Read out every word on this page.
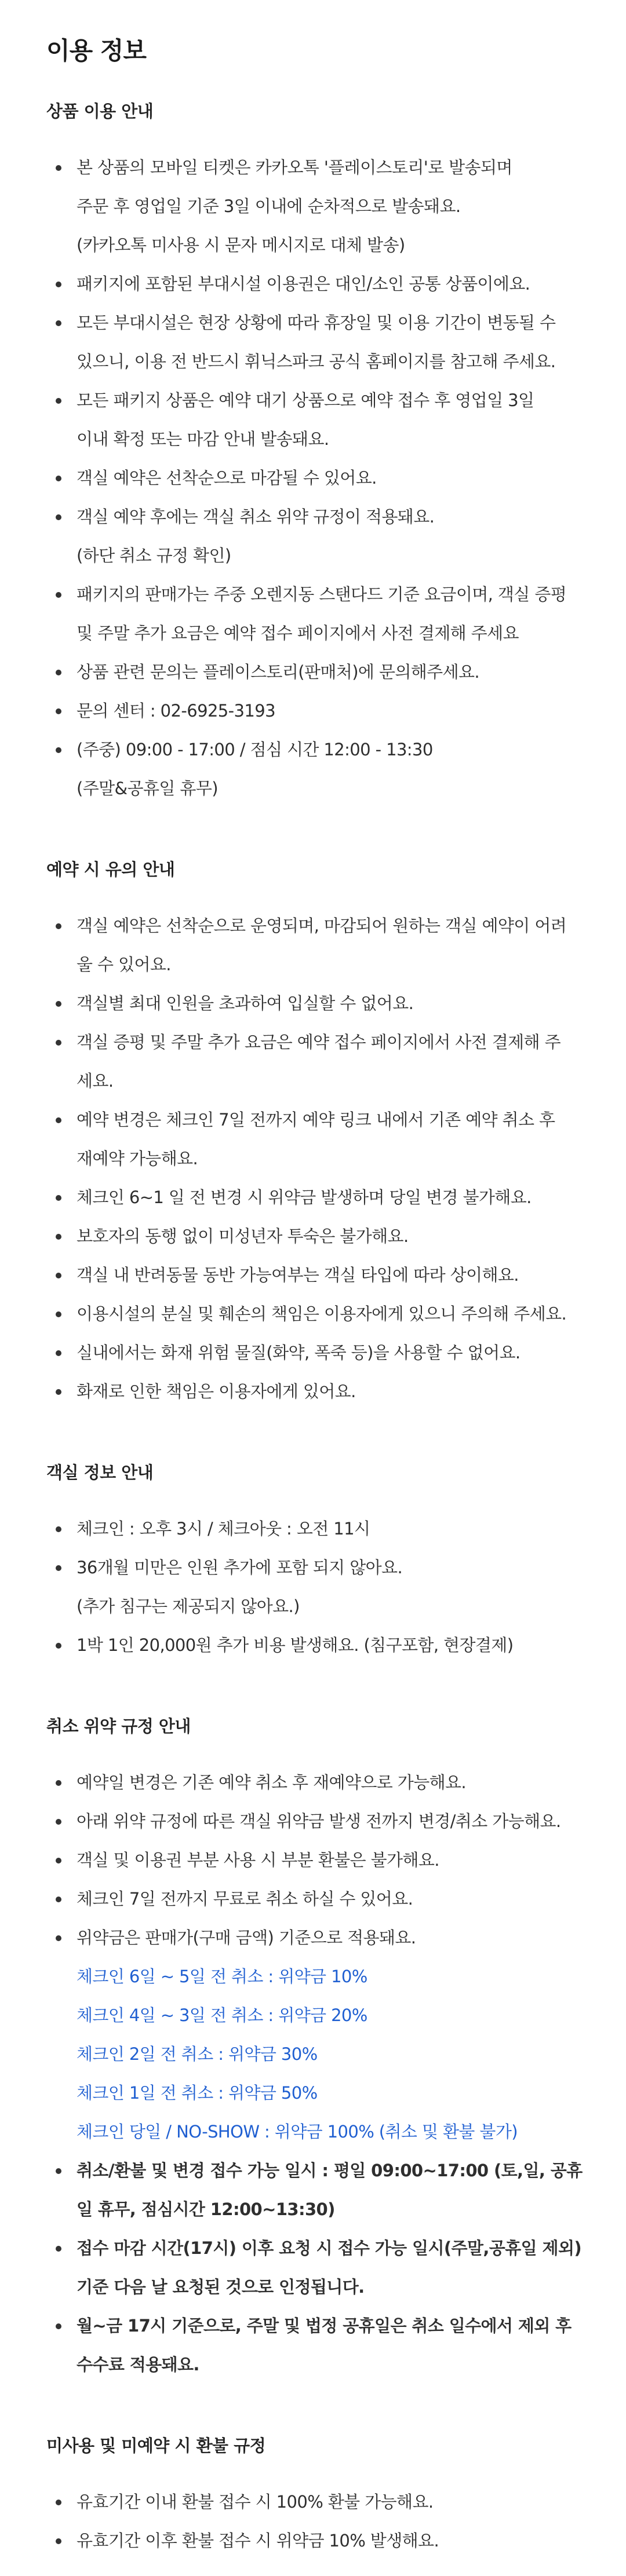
이용 정보
상품 이용 안내
본 상품의 모바일 티켓은 카카오톡 '플레이스토리'로 발송되며
주문 후 영업일 기준 3일 이내에 순차적으로 발송돼요.
(카카오톡 미사용 시 문자 메시지로 대체 발송)
패키지에 포함된 부대시설 이용권은 대인/소인 공통 상품이에요.
모든 부대시설은 현장 상황에 따라 휴장일 및 이용 기간이 변동될 수
있으니, 이용 전 반드시 휘닉스파크 공식 홈페이지를 참고해 주세요.
모든 패키지 상품은 예약 대기 상품으로 예약 접수 후 영업일 3일
이내 확정 또는 마감 안내 발송돼요.
객실 예약은 선착순으로 마감될 수 있어요.
객실 예약 후에는 객실 취소 위약 규정이 적용돼요.
(하단 취소 규정 확인)
패키지의 판매가는 주중 오렌지동 스탠다드 기준 요금이며, 객실 증평
및 주말 추가 요금은 예약 접수 페이지에서 사전 결제해 주세요
상품 관련 문의는 플레이스토리(판매처)에 문의해주세요.
문의 센터 : 02-6925-3193
(주중) 09:00 - 17:00 / 점심 시간 12:00 - 13:30
(주말&공휴일 휴무)
예약 시 유의 안내
객실 예약은 선착순으로 운영되며, 마감되어 원하는 객실 예약이 어려
울 수 있어요.
객실별 최대 인원을 초과하여 입실할 수 없어요.
객실 증평 및 주말 추가 요금은 예약 접수 페이지에서 사전 결제해 주
세요.
예약 변경은 체크인 7일 전까지 예약 링크 내에서 기존 예약 취소 후
재예약 가능해요.
체크인 6~1 일 전 변경 시 위약금 발생하며 당일 변경 불가해요.
보호자의 동행 없이 미성년자 투숙은 불가해요.
객실 내 반려동물 동반 가능여부는 객실 타입에 따라 상이해요.
이용시설의 분실 및 훼손의 책임은 이용자에게 있으니 주의해 주세요.
실내에서는 화재 위험 물질(화약, 폭죽 등)을 사용할 수 없어요.
화재로 인한 책임은 이용자에게 있어요.
객실 정보 안내
체크인 : 오후 3시 / 체크아웃 : 오전 11시
36개월 미만은 인원 추가에 포함 되지 않아요.
(추가 침구는 제공되지 않아요.)
1박 1인 20,000원 추가 비용 발생해요. (침구포함, 현장결제)
취소 위약 규정 안내
예약일 변경은 기존 예약 취소 후 재예약으로 가능해요.
아래 위약 규정에 따른 객실 위약금 발생 전까지 변경/취소 가능해요.
객실 및 이용권 부분 사용 시 부분 환불은 불가해요.
체크인 7일 전까지 무료로 취소 하실 수 있어요.
위약금은 판매가(구매 금액) 기준으로 적용돼요.
체크인 6일 ~ 5일 전 취소 : 위약금 10%
체크인 4일 ~ 3일 전 취소 : 위약금 20%
체크인 2일 전 취소 : 위약금 30%
체크인 1일 전 취소 : 위약금 50%
체크인 당일 / NO-SHOW : 위약금 100% (취소 및 환불 불가)
취소/환불 및 변경 접수 가능 일시 : 평일 09:00~17:00 (토,일, 공휴
일 휴무, 점심시간 12:00~13:30)
접수 마감 시간(17시) 이후 요청 시 접수 가능 일시(주말,공휴일 제외)
기준 다음 날 요청된 것으로 인정됩니다.
월~금 17시 기준으로, 주말 및 법정 공휴일은 취소 일수에서 제외 후
수수료 적용돼요.
미사용 및 미예약 시 환불 규정
유효기간 이내 환불 접수 시 100% 환불 가능해요.
유효기간 이후 환불 접수 시 위약금 10% 발생해요.
